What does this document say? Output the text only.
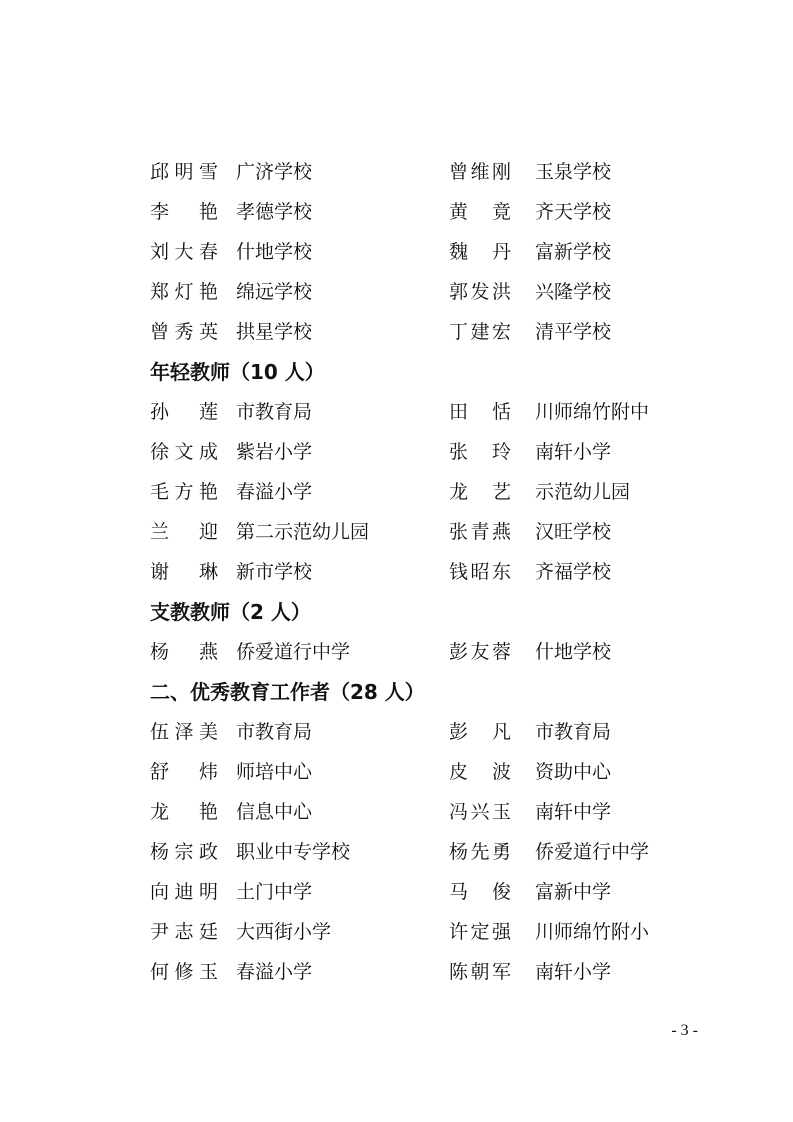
邱明雪 广济学校	曾维刚 玉泉学校
李艳 孝德学校	黄竟 齐天学校
刘大春 什地学校	魏丹 富新学校
郑灯艳 绵远学校	郭发洪 兴隆学校
曾秀英 拱星学校	丁建宏 清平学校
年轻教师（10 人）
孙莲 市教育局	田恬 川师绵竹附中
徐文成 紫岩小学	张玲 南轩小学
毛方艳 春溢小学	龙艺 示范幼儿园
兰迎 第二示范幼儿园	张青燕 汉旺学校
谢琳 新市学校	钱昭东 齐福学校
支教教师（2 人）
杨燕 侨爱道行中学	彭友蓉 什地学校
二、优秀教育工作者（28 人）
伍泽美 市教育局	彭凡 市教育局
舒炜 师培中心	皮波 资助中心
龙艳 信息中心	冯兴玉 南轩中学
杨宗政 职业中专学校	杨先勇 侨爱道行中学
向迪明 土门中学	马俊 富新中学
尹志廷 大西街小学	许定强 川师绵竹附小
何修玉 春溢小学	陈朝军 南轩小学
- 3 -
